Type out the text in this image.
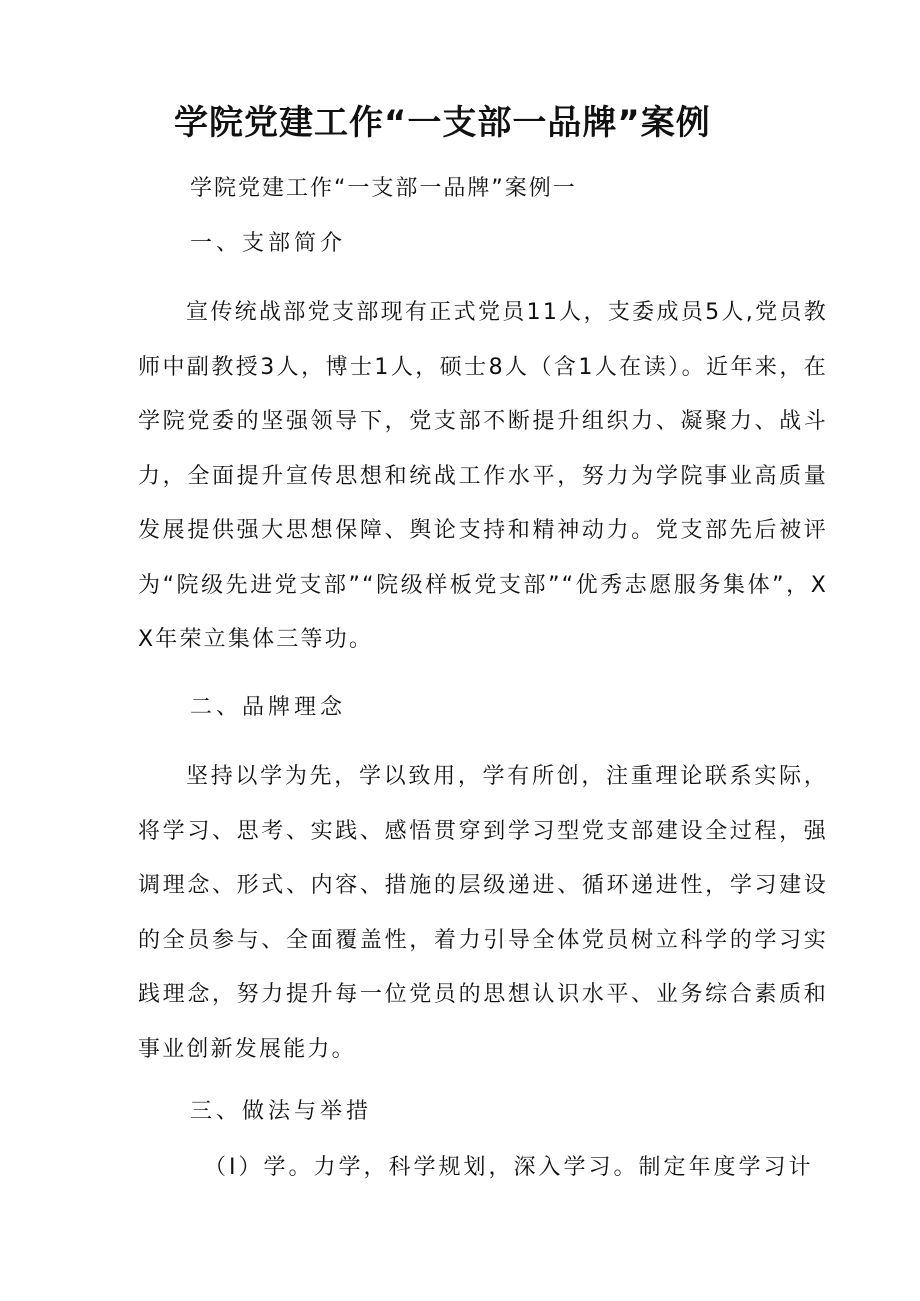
学院党建工作“一支部一品牌”案例
学院党建工作“一支部一品牌”案例一
一、支部简介

宣传统战部党支部现有正式党员11人，支委成员5人,党员教师中副教授3人，博士1人，硕士8人（含1人在读）。近年来，在学院党委的坚强领导下，党支部不断提升组织力、凝聚力、战斗力，全面提升宣传思想和统战工作水平，努力为学院事业高质量发展提供强大思想保障、舆论支持和精神动力。党支部先后被评为“院级先进党支部”“院级样板党支部”“优秀志愿服务集体”，XX年荣立集体三等功。

二、品牌理念

坚持以学为先，学以致用，学有所创，注重理论联系实际，将学习、思考、实践、感悟贯穿到学习型党支部建设全过程，强调理念、形式、内容、措施的层级递进、循环递进性，学习建设的全员参与、全面覆盖性，着力引导全体党员树立科学的学习实践理念，努力提升每一位党员的思想认识水平、业务综合素质和事业创新发展能力。

三、做法与举措
（I）学。力学，科学规划，深入学习。制定年度学习计
